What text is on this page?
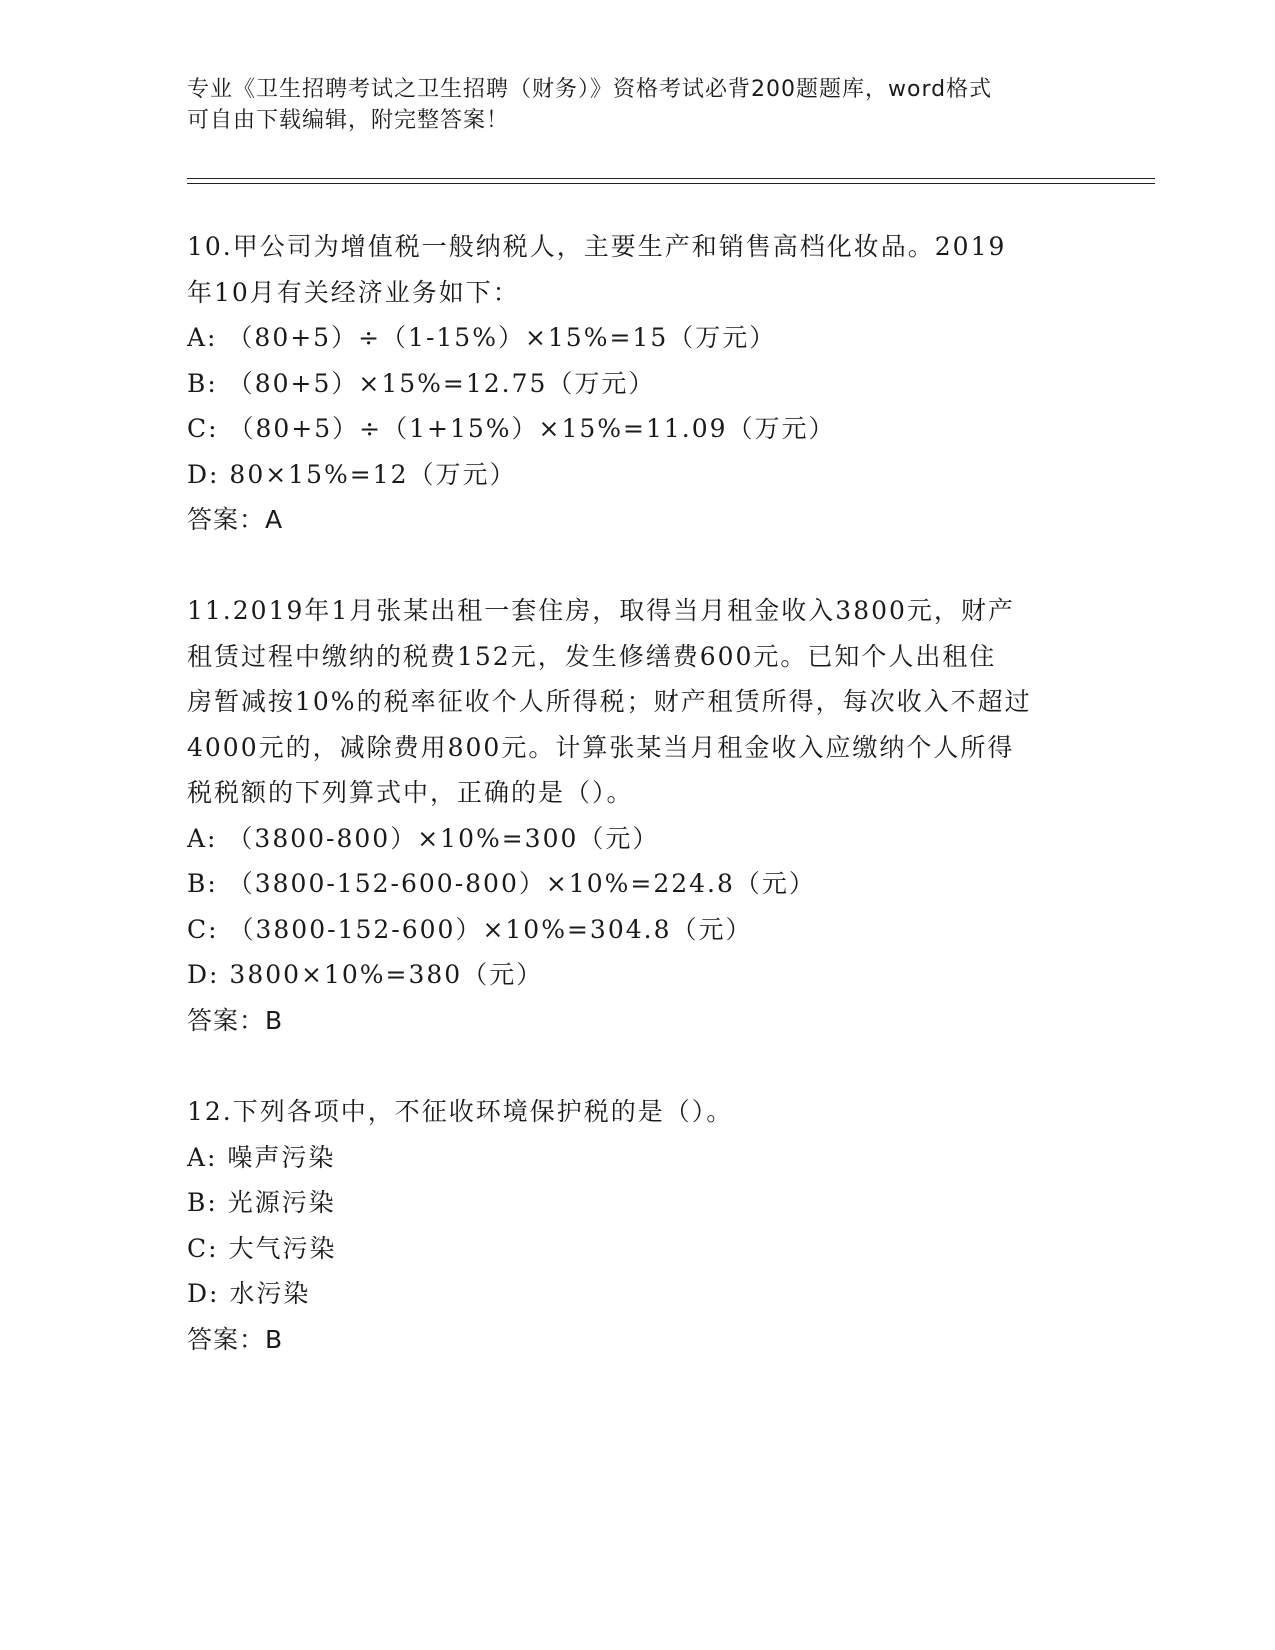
专业《卫生招聘考试之卫生招聘（财务）》资格考试必背200题题库，word格式
可自由下载编辑，附完整答案！
10.甲公司为增值税一般纳税人，主要生产和销售高档化妆品。2019
年10月有关经济业务如下：
A: （80+5）÷（1-15%）×15%=15（万元）
B: （80+5）×15%=12.75（万元）
C: （80+5）÷（1+15%）×15%=11.09（万元）
D: 80×15%=12（万元）
答案：A
11.2019年1月张某出租一套住房，取得当月租金收入3800元，财产
租赁过程中缴纳的税费152元，发生修缮费600元。已知个人出租住
房暂减按10%的税率征收个人所得税；财产租赁所得，每次收入不超过
4000元的，减除费用800元。计算张某当月租金收入应缴纳个人所得
税税额的下列算式中，正确的是（）。
A: （3800-800）×10%=300（元）
B: （3800-152-600-800）×10%=224.8（元）
C: （3800-152-600）×10%=304.8（元）
D: 3800×10%=380（元）
答案：B
12.下列各项中，不征收环境保护税的是（）。
A: 噪声污染
B: 光源污染
C: 大气污染
D: 水污染
答案：B
